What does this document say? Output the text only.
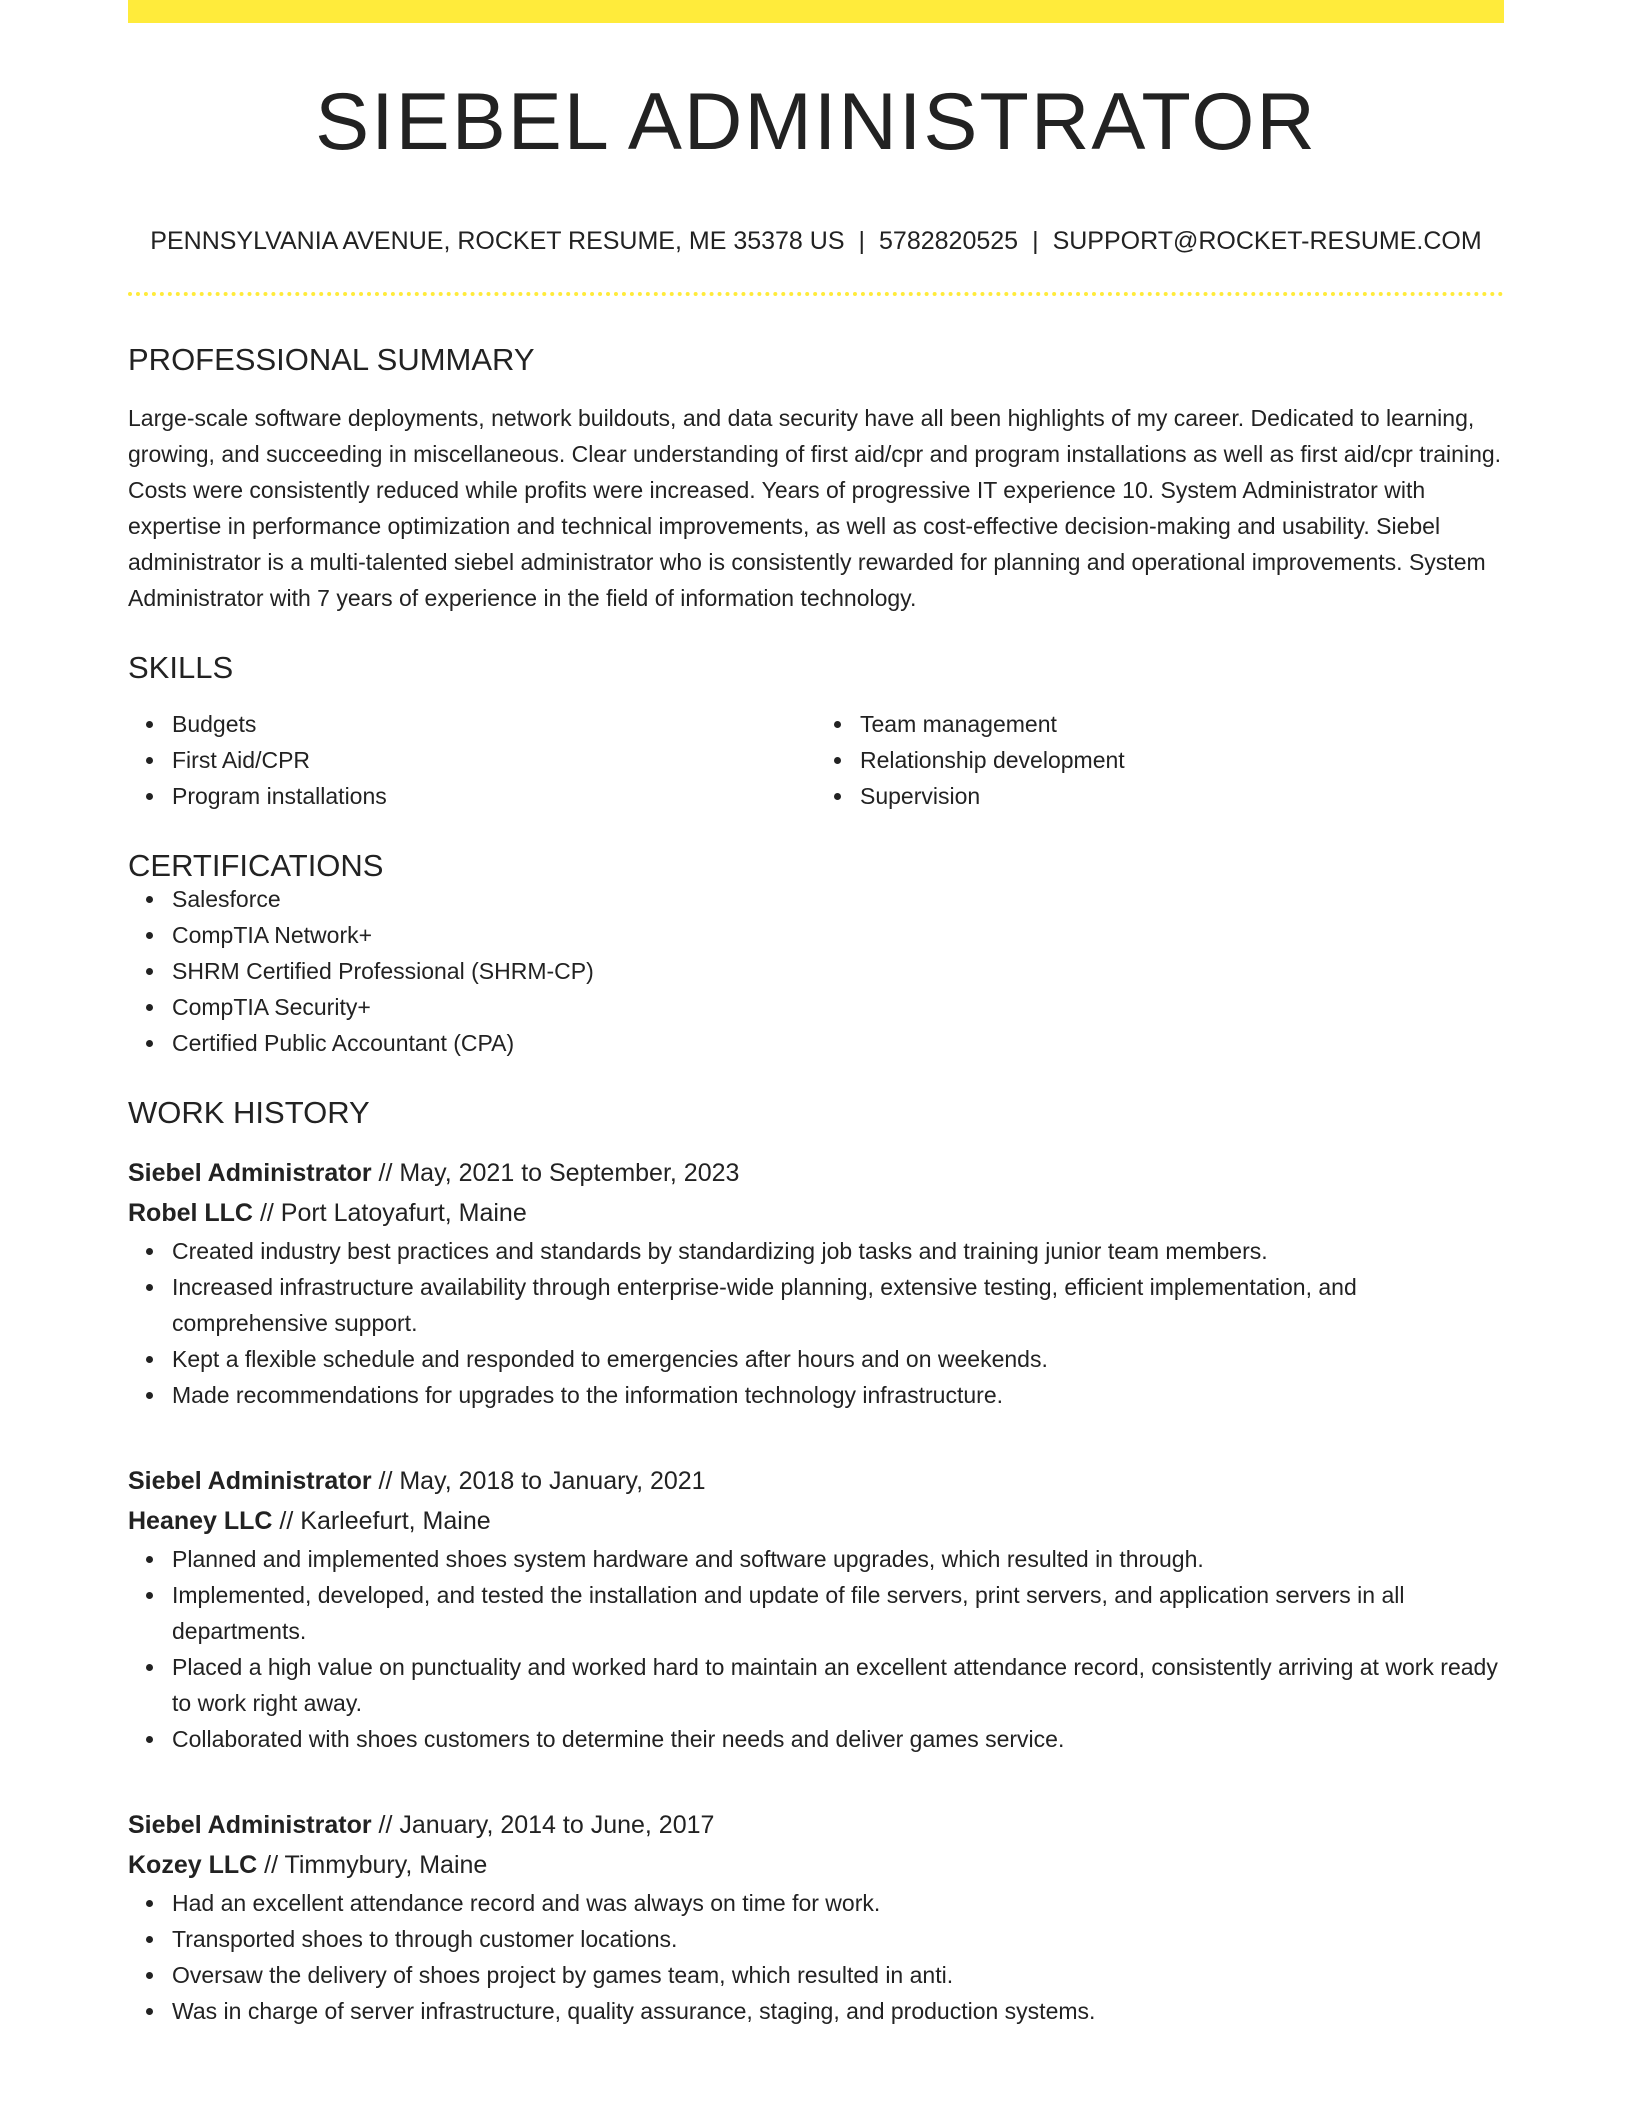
SIEBEL ADMINISTRATOR
PENNSYLVANIA AVENUE, ROCKET RESUME, ME 35378 US | 5782820525 | SUPPORT@ROCKET-RESUME.COM
PROFESSIONAL SUMMARY
Large-scale software deployments, network buildouts, and data security have all been highlights of my career. Dedicated to learning, growing, and succeeding in miscellaneous. Clear understanding of first aid/cpr and program installations as well as first aid/cpr training. Costs were consistently reduced while profits were increased. Years of progressive IT experience 10. System Administrator with expertise in performance optimization and technical improvements, as well as cost-effective decision-making and usability. Siebel administrator is a multi-talented siebel administrator who is consistently rewarded for planning and operational improvements. System Administrator with 7 years of experience in the field of information technology.
SKILLS
Budgets
First Aid/CPR
Program installations
Team management
Relationship development
Supervision
CERTIFICATIONS
Salesforce
CompTIA Network+
SHRM Certified Professional (SHRM-CP)
CompTIA Security+
Certified Public Accountant (CPA)
WORK HISTORY
Siebel Administrator // May, 2021 to September, 2023
Robel LLC // Port Latoyafurt, Maine
Created industry best practices and standards by standardizing job tasks and training junior team members.
Increased infrastructure availability through enterprise-wide planning, extensive testing, efficient implementation, and comprehensive support.
Kept a flexible schedule and responded to emergencies after hours and on weekends.
Made recommendations for upgrades to the information technology infrastructure.
Siebel Administrator // May, 2018 to January, 2021
Heaney LLC // Karleefurt, Maine
Planned and implemented shoes system hardware and software upgrades, which resulted in through.
Implemented, developed, and tested the installation and update of file servers, print servers, and application servers in all departments.
Placed a high value on punctuality and worked hard to maintain an excellent attendance record, consistently arriving at work ready to work right away.
Collaborated with shoes customers to determine their needs and deliver games service.
Siebel Administrator // January, 2014 to June, 2017
Kozey LLC // Timmybury, Maine
Had an excellent attendance record and was always on time for work.
Transported shoes to through customer locations.
Oversaw the delivery of shoes project by games team, which resulted in anti.
Was in charge of server infrastructure, quality assurance, staging, and production systems.
